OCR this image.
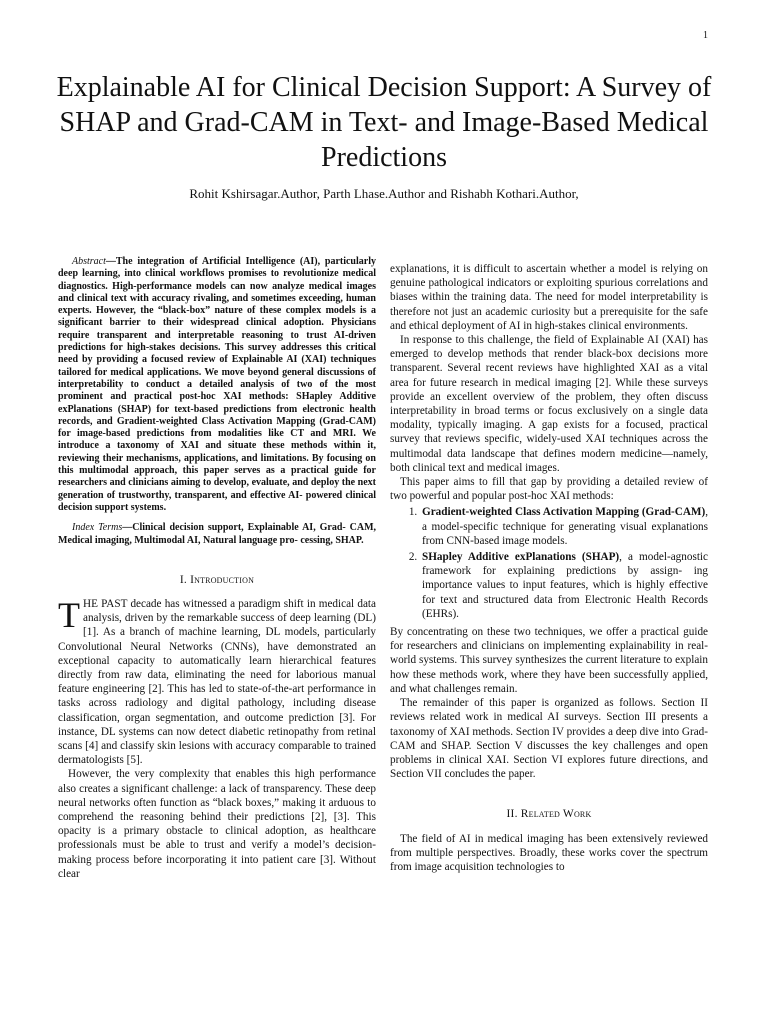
1
Explainable AI for Clinical Decision Support: A Survey of SHAP and Grad-CAM in Text- and Image-Based Medical Predictions
Rohit Kshirsagar.Author, Parth Lhase.Author and Rishabh Kothari.Author,

Abstract—The integration of Artificial Intelligence (AI), particularly deep learning, into clinical workflows promises to revolutionize medical diagnostics. High-performance models can now analyze medical images and clinical text with accuracy rivaling, and sometimes exceeding, human experts. However, the “black-box” nature of these complex models is a significant barrier to their widespread clinical adoption. Physicians require transparent and interpretable reasoning to trust AI-driven predictions for high-stakes decisions. This survey addresses this critical need by providing a focused review of Explainable AI (XAI) techniques tailored for medical applications. We move beyond general discussions of interpretability to conduct a detailed analysis of two of the most prominent and practical post-hoc XAI methods: SHapley Additive exPlanations (SHAP) for text-based predictions from electronic health records, and Gradient-weighted Class Activation Mapping (Grad-CAM) for image-based predictions from modalities like CT and MRI. We introduce a taxonomy of XAI and situate these methods within it, reviewing their mechanisms, applications, and limitations. By focusing on this multimodal approach, this paper serves as a practical guide for researchers and clinicians aiming to develop, evaluate, and deploy the next generation of trustworthy, transparent, and effective AI- powered clinical decision support systems.

Index Terms—Clinical decision support, Explainable AI, Grad- CAM, Medical imaging, Multimodal AI, Natural language pro- cessing, SHAP.

I. Introduction

THE PAST decade has witnessed a paradigm shift in medical data analysis, driven by the remarkable success of deep learning (DL) [1]. As a branch of machine learning, DL models, particularly Convolutional Neural Networks (CNNs), have demonstrated an exceptional capacity to automatically learn hierarchical features directly from raw data, eliminating the need for laborious manual feature engineering [2]. This has led to state-of-the-art performance in tasks across radiology and digital pathology, including disease classification, organ segmentation, and outcome prediction [3]. For instance, DL systems can now detect diabetic retinopathy from retinal scans [4] and classify skin lesions with accuracy comparable to trained dermatologists [5].

However, the very complexity that enables this high performance also creates a significant challenge: a lack of transparency. These deep neural networks often function as “black boxes,” making it arduous to comprehend the reasoning behind their predictions [2], [3]. This opacity is a primary obstacle to clinical adoption, as healthcare professionals must be able to trust and verify a model’s decision-making process before incorporating it into patient care [3]. Without clear

explanations, it is difficult to ascertain whether a model is relying on genuine pathological indicators or exploiting spurious correlations and biases within the training data. The need for model interpretability is therefore not just an academic curiosity but a prerequisite for the safe and ethical deployment of AI in high-stakes clinical environments.

In response to this challenge, the field of Explainable AI (XAI) has emerged to develop methods that render black-box decisions more transparent. Several recent reviews have highlighted XAI as a vital area for future research in medical imaging [2]. While these surveys provide an excellent overview of the problem, they often discuss interpretability in broad terms or focus exclusively on a single data modality, typically imaging. A gap exists for a focused, practical survey that reviews specific, widely-used XAI techniques across the multimodal data landscape that defines modern medicine—namely, both clinical text and medical images.

This paper aims to fill that gap by providing a detailed review of two powerful and popular post-hoc XAI methods:

1. Gradient-weighted Class Activation Mapping (Grad-CAM), a model-specific technique for generating visual explanations from CNN-based image models.
2. SHapley Additive exPlanations (SHAP), a model-agnostic framework for explaining predictions by assign- ing importance values to input features, which is highly effective for text and structured data from Electronic Health Records (EHRs).

By concentrating on these two techniques, we offer a practical guide for researchers and clinicians on implementing explainability in real-world systems. This survey synthesizes the current literature to explain how these methods work, where they have been successfully applied, and what challenges remain.

The remainder of this paper is organized as follows. Section II reviews related work in medical AI surveys. Section III presents a taxonomy of XAI methods. Section IV provides a deep dive into Grad-CAM and SHAP. Section V discusses the key challenges and open problems in clinical XAI. Section VI explores future directions, and Section VII concludes the paper.

II. Related Work

The field of AI in medical imaging has been extensively reviewed from multiple perspectives. Broadly, these works cover the spectrum from image acquisition technologies to
